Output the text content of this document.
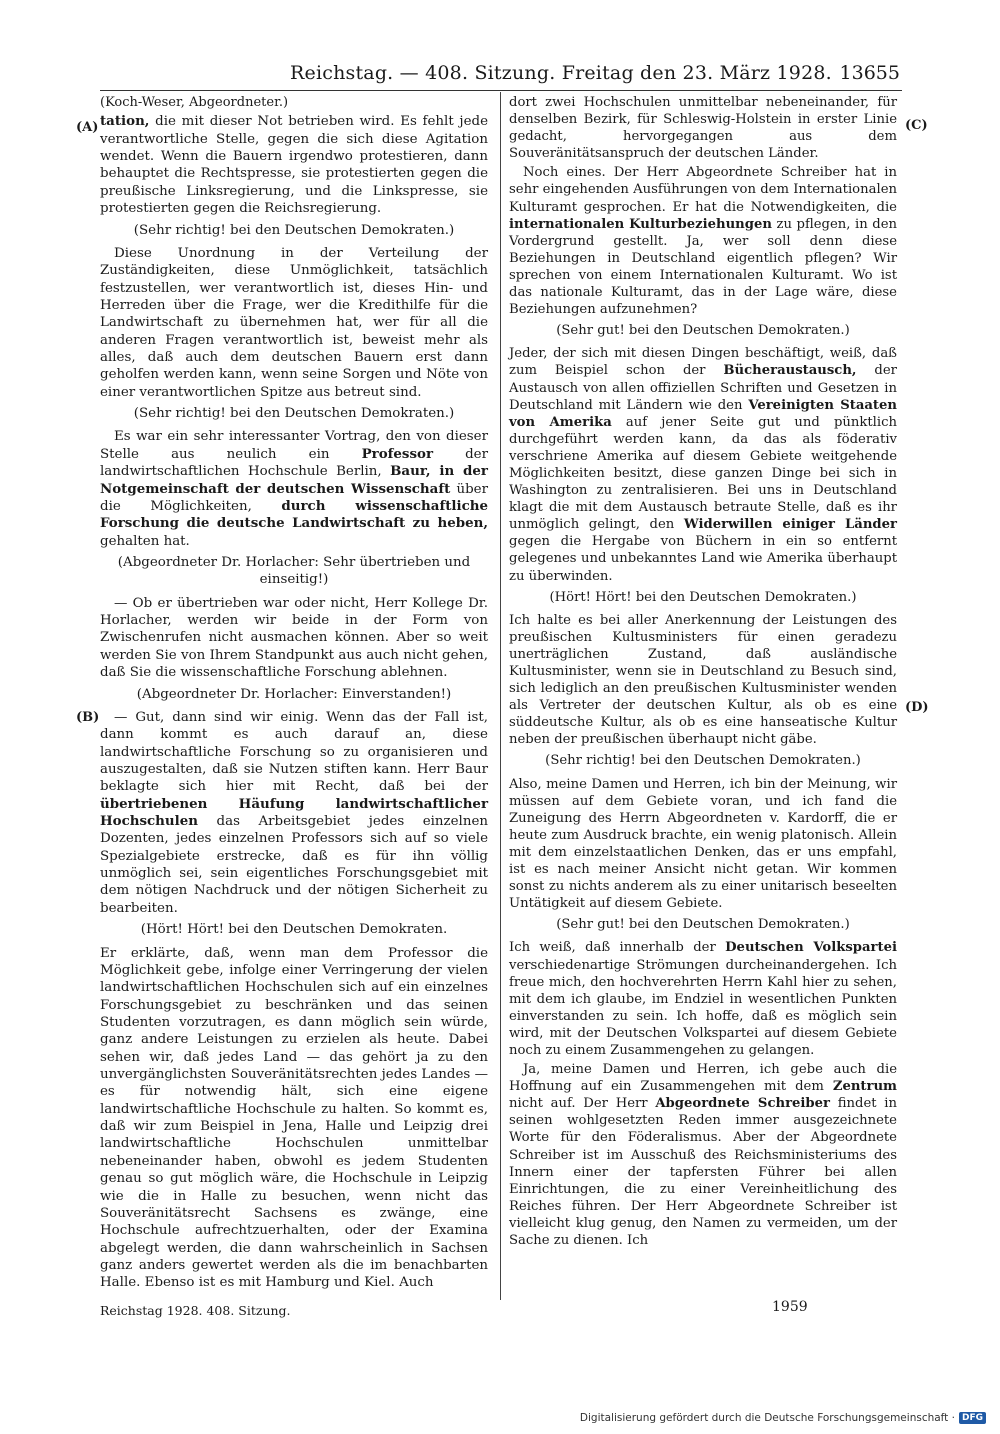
Reichstag. — 408. Sitzung. Freitag den 23. März 1928. 13655
(A)
(B)
(C)
(D)

(Koch-Weser, Abgeordneter.)

tation, die mit dieser Not betrieben wird. Es fehlt jede verantwortliche Stelle, gegen die sich diese Agitation wendet. Wenn die Bauern irgendwo protestieren, dann behauptet die Rechtspresse, sie protestierten gegen die preußische Linksregierung, und die Linkspresse, sie protestierten gegen die Reichsregierung.

(Sehr richtig! bei den Deutschen Demokraten.)

Diese Unordnung in der Verteilung der Zuständigkeiten, diese Unmöglichkeit, tatsächlich festzustellen, wer verantwortlich ist, dieses Hin- und Herreden über die Frage, wer die Kredithilfe für die Landwirtschaft zu übernehmen hat, wer für all die anderen Fragen verantwortlich ist, beweist mehr als alles, daß auch dem deutschen Bauern erst dann geholfen werden kann, wenn seine Sorgen und Nöte von einer verantwortlichen Spitze aus betreut sind.

(Sehr richtig! bei den Deutschen Demokraten.)

Es war ein sehr interessanter Vortrag, den von dieser Stelle aus neulich ein Professor der landwirtschaftlichen Hochschule Berlin, Baur, in der Notgemeinschaft der deutschen Wissenschaft über die Möglichkeiten, durch wissenschaftliche Forschung die deutsche Landwirtschaft zu heben, gehalten hat.

(Abgeordneter Dr. Horlacher: Sehr übertrieben und einseitig!)

— Ob er übertrieben war oder nicht, Herr Kollege Dr. Horlacher, werden wir beide in der Form von Zwischenrufen nicht ausmachen können. Aber so weit werden Sie von Ihrem Standpunkt aus auch nicht gehen, daß Sie die wissenschaftliche Forschung ablehnen.

(Abgeordneter Dr. Horlacher: Einverstanden!)

— Gut, dann sind wir einig. Wenn das der Fall ist, dann kommt es auch darauf an, diese landwirtschaftliche Forschung so zu organisieren und auszugestalten, daß sie Nutzen stiften kann. Herr Baur beklagte sich hier mit Recht, daß bei der übertriebenen Häufung landwirtschaftlicher Hochschulen das Arbeitsgebiet jedes einzelnen Dozenten, jedes einzelnen Professors sich auf so viele Spezialgebiete erstrecke, daß es für ihn völlig unmöglich sei, sein eigentliches Forschungsgebiet mit dem nötigen Nachdruck und der nötigen Sicherheit zu bearbeiten.

(Hört! Hört! bei den Deutschen Demokraten.

Er erklärte, daß, wenn man dem Professor die Möglichkeit gebe, infolge einer Verringerung der vielen landwirtschaftlichen Hochschulen sich auf ein einzelnes Forschungsgebiet zu beschränken und das seinen Studenten vorzutragen, es dann möglich sein würde, ganz andere Leistungen zu erzielen als heute. Dabei sehen wir, daß jedes Land — das gehört ja zu den unvergänglichsten Souveränitätsrechten jedes Landes — es für notwendig hält, sich eine eigene landwirtschaftliche Hochschule zu halten. So kommt es, daß wir zum Beispiel in Jena, Halle und Leipzig drei landwirtschaftliche Hochschulen unmittelbar nebeneinander haben, obwohl es jedem Studenten genau so gut möglich wäre, die Hochschule in Leipzig wie die in Halle zu besuchen, wenn nicht das Souveränitätsrecht Sachsens es zwänge, eine Hochschule aufrechtzuerhalten, oder der Examina abgelegt werden, die dann wahrscheinlich in Sachsen ganz anders gewertet werden als die im benachbarten Halle. Ebenso ist es mit Hamburg und Kiel. Auch

dort zwei Hochschulen unmittelbar nebeneinander, für denselben Bezirk, für Schleswig-Holstein in erster Linie gedacht, hervorgegangen aus dem Souveränitätsanspruch der deutschen Länder.

Noch eines. Der Herr Abgeordnete Schreiber hat in sehr eingehenden Ausführungen von dem Internationalen Kulturamt gesprochen. Er hat die Notwendigkeiten, die internationalen Kulturbeziehungen zu pflegen, in den Vordergrund gestellt. Ja, wer soll denn diese Beziehungen in Deutschland eigentlich pflegen? Wir sprechen von einem Internationalen Kulturamt. Wo ist das nationale Kulturamt, das in der Lage wäre, diese Beziehungen aufzunehmen?

(Sehr gut! bei den Deutschen Demokraten.)

Jeder, der sich mit diesen Dingen beschäftigt, weiß, daß zum Beispiel schon der Bücheraustausch, der Austausch von allen offiziellen Schriften und Gesetzen in Deutschland mit Ländern wie den Vereinigten Staaten von Amerika auf jener Seite gut und pünktlich durchgeführt werden kann, da das als föderativ verschriene Amerika auf diesem Gebiete weitgehende Möglichkeiten besitzt, diese ganzen Dinge bei sich in Washington zu zentralisieren. Bei uns in Deutschland klagt die mit dem Austausch betraute Stelle, daß es ihr unmöglich gelingt, den Widerwillen einiger Länder gegen die Hergabe von Büchern in ein so entfernt gelegenes und unbekanntes Land wie Amerika überhaupt zu überwinden.

(Hört! Hört! bei den Deutschen Demokraten.)

Ich halte es bei aller Anerkennung der Leistungen des preußischen Kultusministers für einen geradezu unerträglichen Zustand, daß ausländische Kultusminister, wenn sie in Deutschland zu Besuch sind, sich lediglich an den preußischen Kultusminister wenden als Vertreter der deutschen Kultur, als ob es eine süddeutsche Kultur, als ob es eine hanseatische Kultur neben der preußischen überhaupt nicht gäbe.

(Sehr richtig! bei den Deutschen Demokraten.)

Also, meine Damen und Herren, ich bin der Meinung, wir müssen auf dem Gebiete voran, und ich fand die Zuneigung des Herrn Abgeordneten v. Kardorff, die er heute zum Ausdruck brachte, ein wenig platonisch. Allein mit dem einzelstaatlichen Denken, das er uns empfahl, ist es nach meiner Ansicht nicht getan. Wir kommen sonst zu nichts anderem als zu einer unitarisch beseelten Untätigkeit auf diesem Gebiete.

(Sehr gut! bei den Deutschen Demokraten.)

Ich weiß, daß innerhalb der Deutschen Volkspartei verschiedenartige Strömungen durcheinandergehen. Ich freue mich, den hochverehrten Herrn Kahl hier zu sehen, mit dem ich glaube, im Endziel in wesentlichen Punkten einverstanden zu sein. Ich hoffe, daß es möglich sein wird, mit der Deutschen Volkspartei auf diesem Gebiete noch zu einem Zusammengehen zu gelangen.

Ja, meine Damen und Herren, ich gebe auch die Hoffnung auf ein Zusammengehen mit dem Zentrum nicht auf. Der Herr Abgeordnete Schreiber findet in seinen wohlgesetzten Reden immer ausgezeichnete Worte für den Föderalismus. Aber der Abgeordnete Schreiber ist im Ausschuß des Reichsministeriums des Innern einer der tapfersten Führer bei allen Einrichtungen, die zu einer Vereinheitlichung des Reiches führen. Der Herr Abgeordnete Schreiber ist vielleicht klug genug, den Namen zu vermeiden, um der Sache zu dienen. Ich

Reichstag 1928. 408. Sitzung.	1959
Digitalisierung gefördert durch die Deutsche Forschungsgemeinschaft · DFG
